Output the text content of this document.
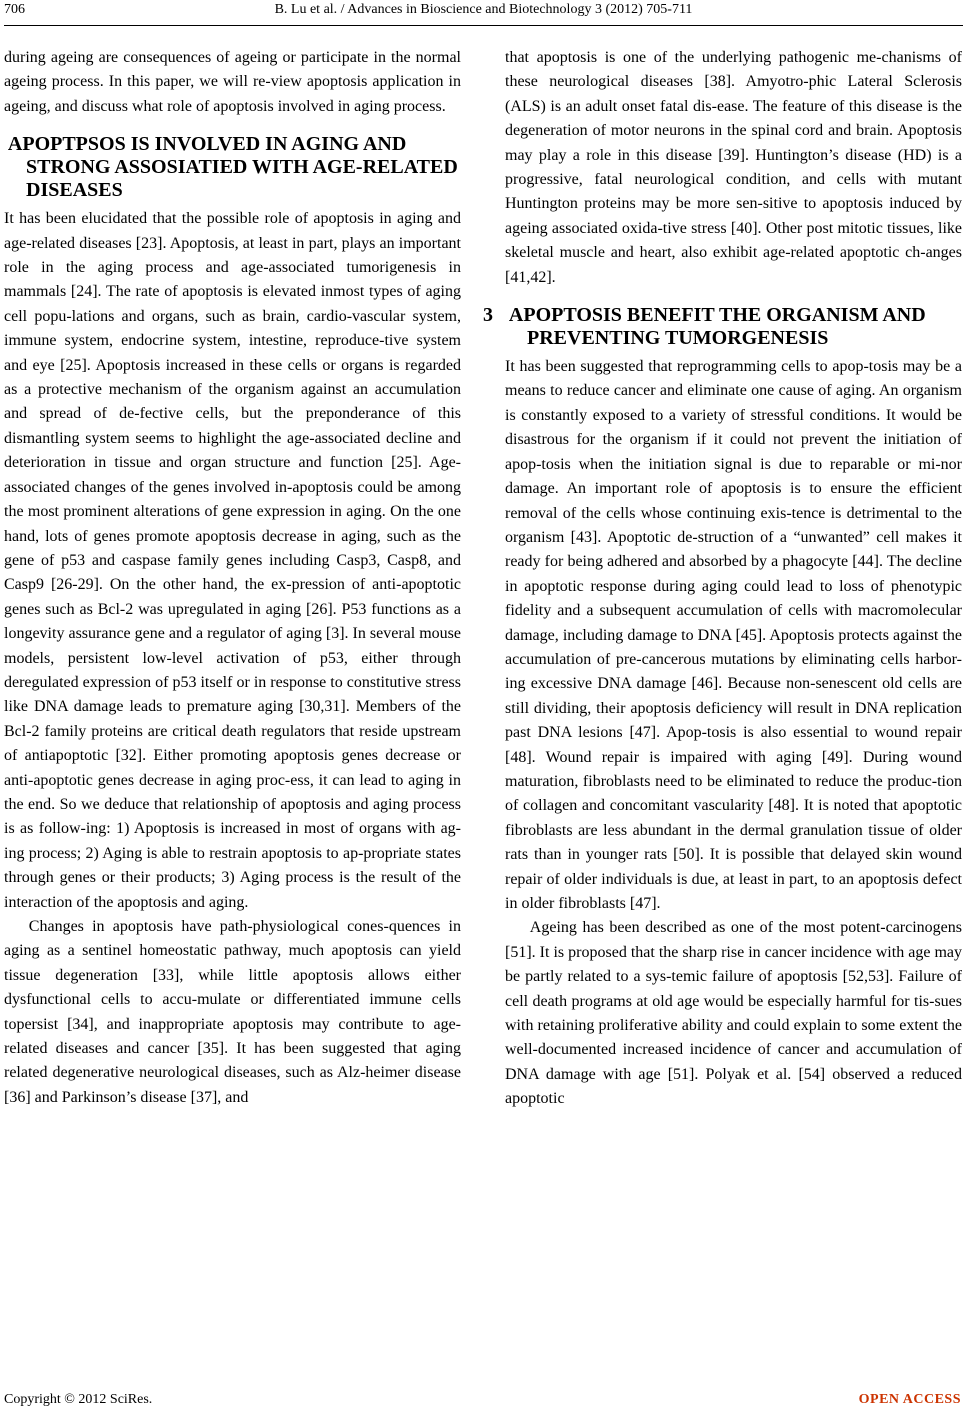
706	B. Lu et al. / Advances in Bioscience and Biotechnology 3 (2012) 705-711

during ageing are consequences of ageing or participate in the normal ageing process. In this paper, we will re-view apoptosis application in ageing, and discuss what role of apoptosis involved in aging process.

APOPTPSOS IS INVOLVED IN AGING AND STRONG ASSOSIATIED WITH AGE-RELATED DISEASES

It has been elucidated that the possible role of apoptosis in aging and age-related diseases [23]. Apoptosis, at least in part, plays an important role in the aging process and age-associated tumorigenesis in mammals [24]. The rate of apoptosis is elevated inmost types of aging cell popu-lations and organs, such as brain, cardio-vascular system, immune system, endocrine system, intestine, reproduce-tive system and eye [25]. Apoptosis increased in these cells or organs is regarded as a protective mechanism of the organism against an accumulation and spread of de-fective cells, but the preponderance of this dismantling system seems to highlight the age-associated decline and deterioration in tissue and organ structure and function [25]. Age-associated changes of the genes involved in-apoptosis could be among the most prominent alterations of gene expression in aging. On the one hand, lots of genes promote apoptosis decrease in aging, such as the gene of p53 and caspase family genes including Casp3, Casp8, and Casp9 [26-29]. On the other hand, the ex-pression of anti-apoptotic genes such as Bcl-2 was upregulated in aging [26]. P53 functions as a longevity assurance gene and a regulator of aging [3]. In several mouse models, persistent low-level activation of p53, either through deregulated expression of p53 itself or in response to constitutive stress like DNA damage leads to premature aging [30,31]. Members of the Bcl-2 family proteins are critical death regulators that reside upstream of antiapoptotic [32]. Either promoting apoptosis genes decrease or anti-apoptotic genes decrease in aging proc-ess, it can lead to aging in the end. So we deduce that relationship of apoptosis and aging process is as follow-ing: 1) Apoptosis is increased in most of organs with ag-ing process; 2) Aging is able to restrain apoptosis to ap-propriate states through genes or their products; 3) Aging process is the result of the interaction of the apoptosis and aging.

Changes in apoptosis have path-physiological cones-quences in aging as a sentinel homeostatic pathway, much apoptosis can yield tissue degeneration [33], while little apoptosis allows either dysfunctional cells to accu-mulate or differentiated immune cells topersist [34], and inappropriate apoptosis may contribute to age-related diseases and cancer [35]. It has been suggested that aging related degenerative neurological diseases, such as Alz-heimer disease [36] and Parkinson’s disease [37], and

that apoptosis is one of the underlying pathogenic me-chanisms of these neurological diseases [38]. Amyotro-phic Lateral Sclerosis (ALS) is an adult onset fatal dis-ease. The feature of this disease is the degeneration of motor neurons in the spinal cord and brain. Apoptosis may play a role in this disease [39]. Huntington’s disease (HD) is a progressive, fatal neurological condition, and cells with mutant Huntington proteins may be more sen-sitive to apoptosis induced by ageing associated oxida-tive stress [40]. Other post mitotic tissues, like skeletal muscle and heart, also exhibit age-related apoptotic ch-anges [41,42].

3 APOPTOSIS BENEFIT THE ORGANISM AND PREVENTING TUMORGENESIS

It has been suggested that reprogramming cells to apop-tosis may be a means to reduce cancer and eliminate one cause of aging. An organism is constantly exposed to a variety of stressful conditions. It would be disastrous for the organism if it could not prevent the initiation of apop-tosis when the initiation signal is due to reparable or mi-nor damage. An important role of apoptosis is to ensure the efficient removal of the cells whose continuing exis-tence is detrimental to the organism [43]. Apoptotic de-struction of a “unwanted” cell makes it ready for being adhered and absorbed by a phagocyte [44]. The decline in apoptotic response during aging could lead to loss of phenotypic fidelity and a subsequent accumulation of cells with macromolecular damage, including damage to DNA [45]. Apoptosis protects against the accumulation of pre-cancerous mutations by eliminating cells harbor-ing excessive DNA damage [46]. Because non-senescent old cells are still dividing, their apoptosis deficiency will result in DNA replication past DNA lesions [47]. Apop-tosis is also essential to wound repair [48]. Wound repair is impaired with aging [49]. During wound maturation, fibroblasts need to be eliminated to reduce the produc-tion of collagen and concomitant vascularity [48]. It is noted that apoptotic fibroblasts are less abundant in the dermal granulation tissue of older rats than in younger rats [50]. It is possible that delayed skin wound repair of older individuals is due, at least in part, to an apoptosis defect in older fibroblasts [47].

Ageing has been described as one of the most potent-carcinogens [51]. It is proposed that the sharp rise in cancer incidence with age may be partly related to a sys-temic failure of apoptosis [52,53]. Failure of cell death programs at old age would be especially harmful for tis-sues with retaining proliferative ability and could explain to some extent the well-documented increased incidence of cancer and accumulation of DNA damage with age [51]. Polyak et al. [54] observed a reduced apoptotic

Copyright © 2012 SciRes.	OPEN ACCESS
